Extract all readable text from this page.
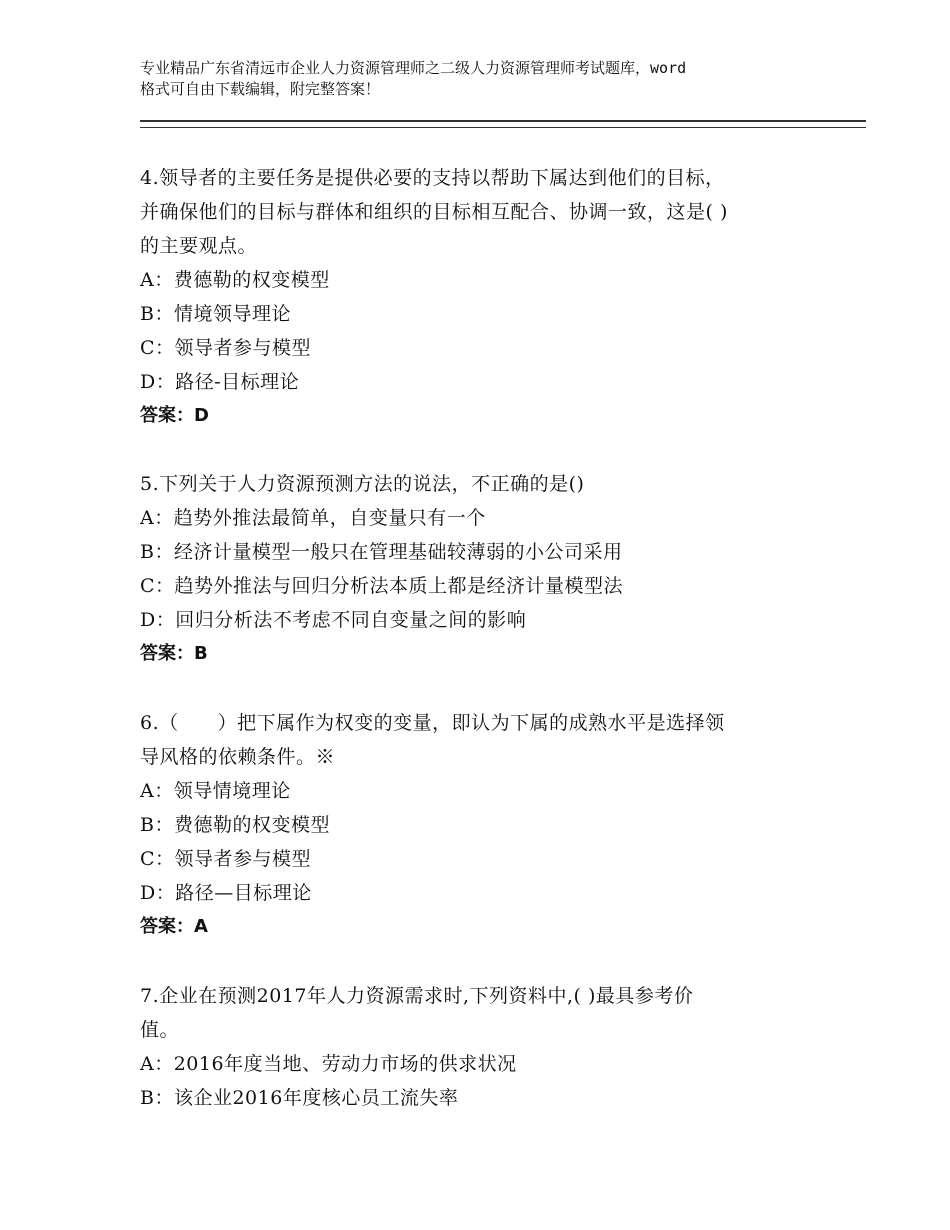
专业精品广东省清远市企业人力资源管理师之二级人力资源管理师考试题库，word
格式可自由下载编辑，附完整答案！
4.领导者的主要任务是提供必要的支持以帮助下属达到他们的目标，
并确保他们的目标与群体和组织的目标相互配合、协调一致，这是( )
的主要观点。
A：费德勒的权变模型
B：情境领导理论
C：领导者参与模型
D：路径-目标理论
答案：D
5.下列关于人力资源预测方法的说法，不正确的是()
A：趋势外推法最简单，自变量只有一个
B：经济计量模型一般只在管理基础较薄弱的小公司采用
C：趋势外推法与回归分析法本质上都是经济计量模型法
D：回归分析法不考虑不同自变量之间的影响
答案：B
6.（　　）把下属作为权变的变量，即认为下属的成熟水平是选择领
导风格的依赖条件。※
A：领导情境理论
B：费德勒的权变模型
C：领导者参与模型
D：路径—目标理论
答案：A
7.企业在预测2017年人力资源需求时,下列资料中,( )最具参考价
值。
A：2016年度当地、劳动力市场的供求状况
B：该企业2016年度核心员工流失率
